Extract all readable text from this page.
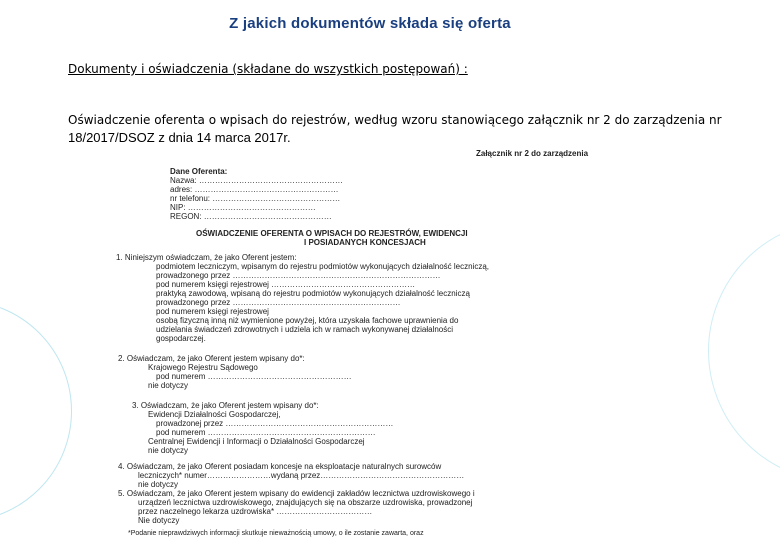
Z jakich dokumentów składa się oferta
Dokumenty i oświadczenia (składane do wszystkich postępowań) :
Oświadczenie oferenta o wpisach do rejestrów, według wzoru stanowiącego załącznik nr 2 do zarządzenia nr 18/2017/DSOZ z dnia 14 marca 2017r.
Załącznik nr 2 do zarządzenia
Dane Oferenta:
Nazwa: ………………………………………………
adres: ………………………………………………
nr telefonu: …………………………………………
NIP: …………………………………………
REGON: …………………………………………
OŚWIADCZENIE OFERENTA O WPISACH DO REJESTRÓW, EWIDENCJI
I POSIADANYCH KONCESJACH
1. Niniejszym oświadczam, że jako Oferent jestem:
podmiotem leczniczym, wpisanym do rejestru podmiotów wykonujących działalność leczniczą,
prowadzonego przez ……………………………………………………………………
pod numerem księgi rejestrowej ………………………………………………
praktyką zawodową, wpisaną do rejestru podmiotów wykonujących działalność leczniczą
prowadzonego przez ………………………………………………………
pod numerem księgi rejestrowej
osobą fizyczną inną niż wymienione powyżej, która uzyskała fachowe uprawnienia do
udzielania świadczeń zdrowotnych i udziela ich w ramach wykonywanej działalności
gospodarczej.
2. Oświadczam, że jako Oferent jestem wpisany do*:
Krajowego Rejestru Sądowego
pod numerem ………………………………………………
nie dotyczy
3. Oświadczam, że jako Oferent jestem wpisany do*:
Ewidencji Działalności Gospodarczej,
prowadzonej przez ………………………………………………………
pod numerem ………………………………………………………
Centralnej Ewidencji i Informacji o Działalności Gospodarczej
nie dotyczy
4. Oświadczam, że jako Oferent posiadam koncesje na eksploatacje naturalnych surowców
leczniczych* numer……………………wydaną przez………………………………………………
nie dotyczy
5. Oświadczam, że jako Oferent jestem wpisany do ewidencji zakładów lecznictwa uzdrowiskowego i
urządzeń lecznictwa uzdrowiskowego, znajdujących się na obszarze uzdrowiska, prowadzonej
przez naczelnego lekarza uzdrowiska* ………………………………
Nie dotyczy
*Podanie nieprawdziwych informacji skutkuje nieważnością umowy, o ile zostanie zawarta, oraz
